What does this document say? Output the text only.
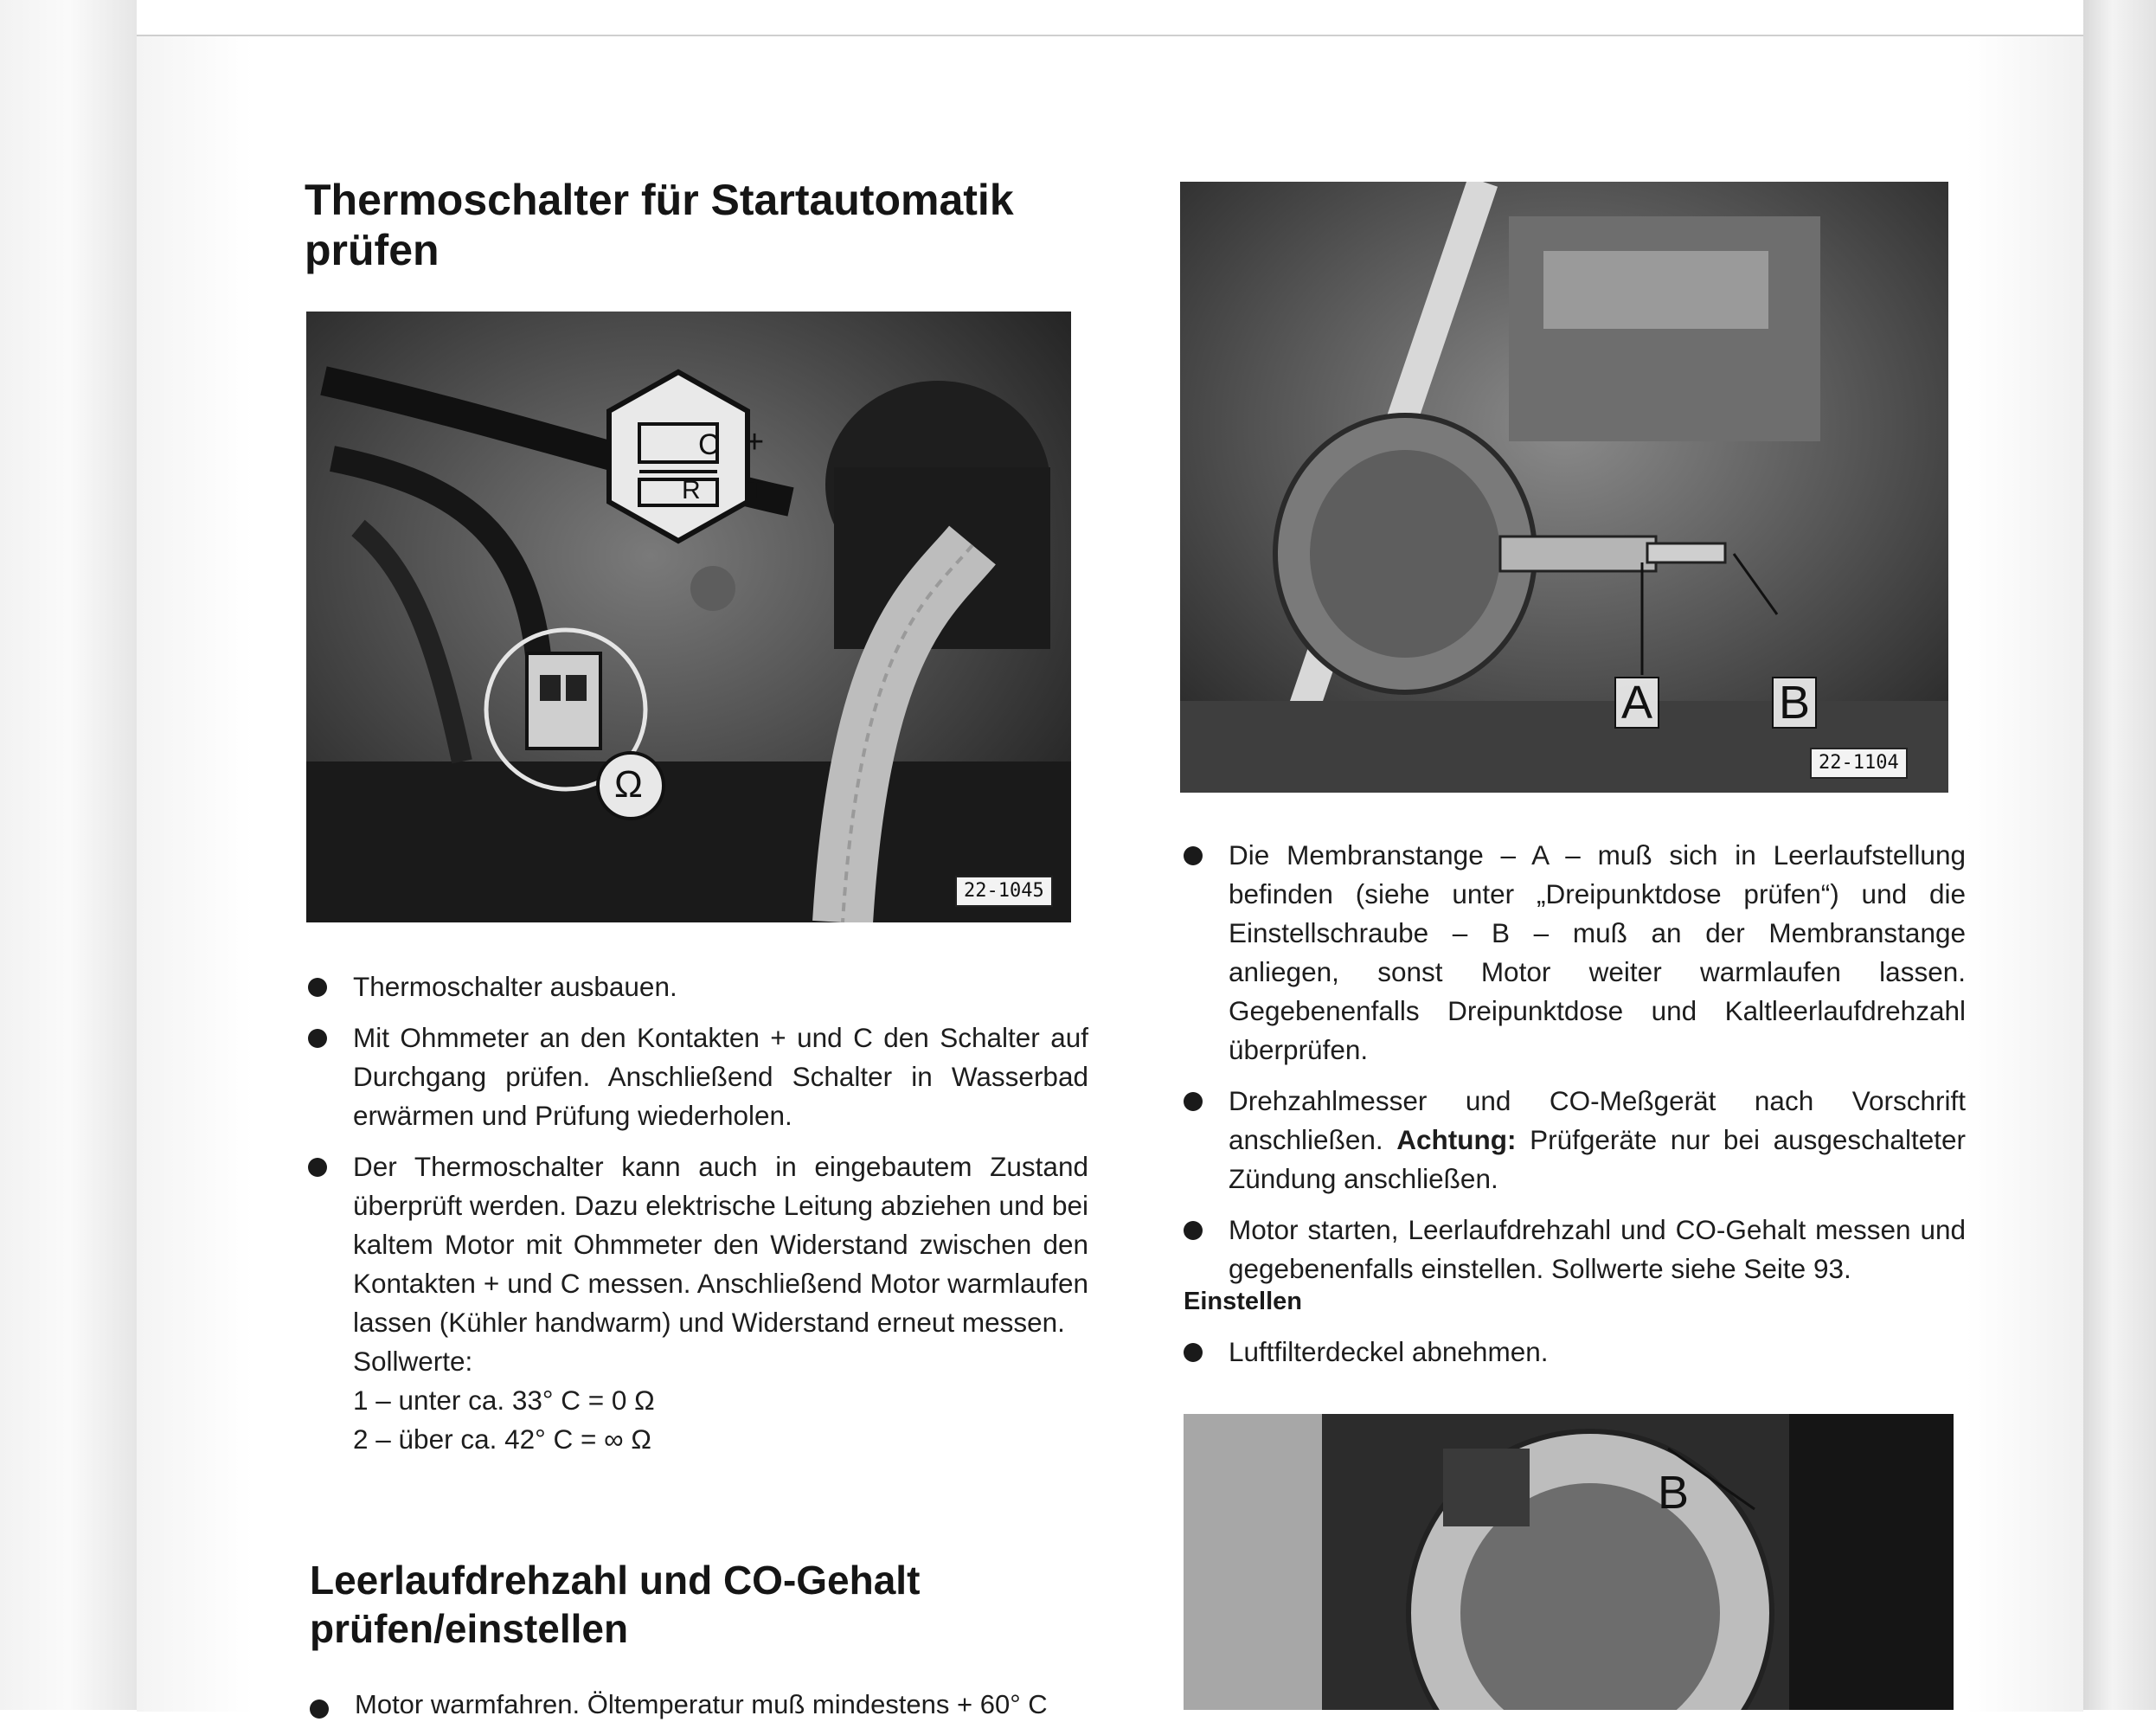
Thermoschalter für Startautomatik prüfen
C +
R T
Ω
22-1045
Thermoschalter ausbauen.
Mit Ohmmeter an den Kontakten + und C den Schalter auf Durchgang prüfen. Anschließend Schalter in Wasserbad erwärmen und Prüfung wiederholen.
Der Thermoschalter kann auch in eingebautem Zustand überprüft werden. Dazu elektrische Leitung abziehen und bei kaltem Motor mit Ohmmeter den Widerstand zwischen den Kontakten + und C messen. Anschließend Motor warmlaufen lassen (Kühler handwarm) und Widerstand erneut messen.
Sollwerte:
1 – unter ca. 33° C = 0 Ω
2 – über ca. 42° C = ∞ Ω
Leerlaufdrehzahl und CO-Gehalt prüfen/einstellen
Motor warmfahren. Öltemperatur muß mindestens + 60° C
A	B
22-1104
Die Membranstange – A – muß sich in Leerlaufstellung befinden (siehe unter „Dreipunktdose prüfen“) und die Einstellschraube – B – muß an der Membranstange anliegen, sonst Motor weiter warmlaufen lassen. Gegebenenfalls Dreipunktdose und Kaltleerlaufdrehzahl überprüfen.
Drehzahlmesser und CO-Meßgerät nach Vorschrift anschließen. Achtung: Prüfgeräte nur bei ausgeschalteter Zündung anschließen.
Motor starten, Leerlaufdrehzahl und CO-Gehalt messen und gegebenenfalls einstellen. Sollwerte siehe Seite 93.
Einstellen
Luftfilterdeckel abnehmen.
B
